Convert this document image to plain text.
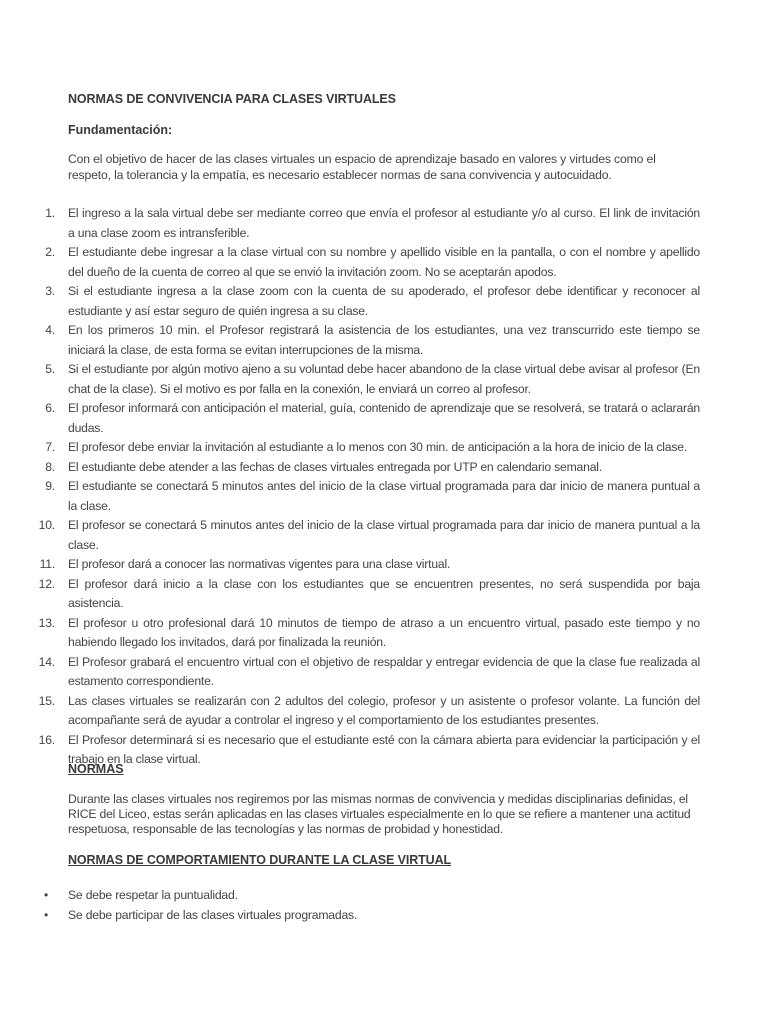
NORMAS DE CONVIVENCIA PARA CLASES VIRTUALES
Fundamentación:
Con el objetivo de hacer de las clases virtuales un espacio de aprendizaje basado en valores y virtudes como el respeto, la tolerancia y la empatía, es necesario establecer normas de sana convivencia y autocuidado.
1. El ingreso a la sala virtual debe ser mediante correo que envía el profesor al estudiante y/o al curso. El link de invitación a una clase zoom es intransferible.
2. El estudiante debe ingresar a la clase virtual con su nombre y apellido visible en la pantalla, o con el nombre y apellido del dueño de la cuenta de correo al que se envió la invitación zoom. No se aceptarán apodos.
3. Si el estudiante ingresa a la clase zoom con la cuenta de su apoderado, el profesor debe identificar y reconocer al estudiante y así estar seguro de quién ingresa a su clase.
4. En los primeros 10 min. el Profesor registrará la asistencia de los estudiantes, una vez transcurrido este tiempo se iniciará la clase, de esta forma se evitan interrupciones de la misma.
5. Si el estudiante por algún motivo ajeno a su voluntad debe hacer abandono de la clase virtual debe avisar al profesor (En chat de la clase). Si el motivo es por falla en la conexión, le enviará un correo al profesor.
6. El profesor informará con anticipación el material, guía, contenido de aprendizaje que se resolverá, se tratará o aclararán dudas.
7. El profesor debe enviar la invitación al estudiante a lo menos con 30 min. de anticipación a la hora de inicio de la clase.
8. El estudiante debe atender a las fechas de clases virtuales entregada por UTP en calendario semanal.
9. El estudiante se conectará 5 minutos antes del inicio de la clase virtual programada para dar inicio de manera puntual a la clase.
10. El profesor se conectará 5 minutos antes del inicio de la clase virtual programada para dar inicio de manera puntual a la clase.
11. El profesor dará a conocer las normativas vigentes para una clase virtual.
12. El profesor dará inicio a la clase con los estudiantes que se encuentren presentes, no será suspendida por baja asistencia.
13. El profesor u otro profesional dará 10 minutos de tiempo de atraso a un encuentro virtual, pasado este tiempo y no habiendo llegado los invitados, dará por finalizada la reunión.
14. El Profesor grabará el encuentro virtual con el objetivo de respaldar y entregar evidencia de que la clase fue realizada al estamento correspondiente.
15. Las clases virtuales se realizarán con 2 adultos del colegio, profesor y un asistente o profesor volante. La función del acompañante será de ayudar a controlar el ingreso y el comportamiento de los estudiantes presentes.
16. El Profesor determinará si es necesario que el estudiante esté con la cámara abierta para evidenciar la participación y el trabajo en la clase virtual.
NORMAS
Durante las clases virtuales nos regiremos por las mismas normas de convivencia y medidas disciplinarias definidas, el RICE del Liceo, estas serán aplicadas en las clases virtuales especialmente en lo que se refiere a mantener una actitud respetuosa, responsable de las tecnologías y las normas de probidad y honestidad.
NORMAS DE COMPORTAMIENTO DURANTE LA CLASE VIRTUAL
• Se debe respetar la puntualidad.
• Se debe participar de las clases virtuales programadas.
